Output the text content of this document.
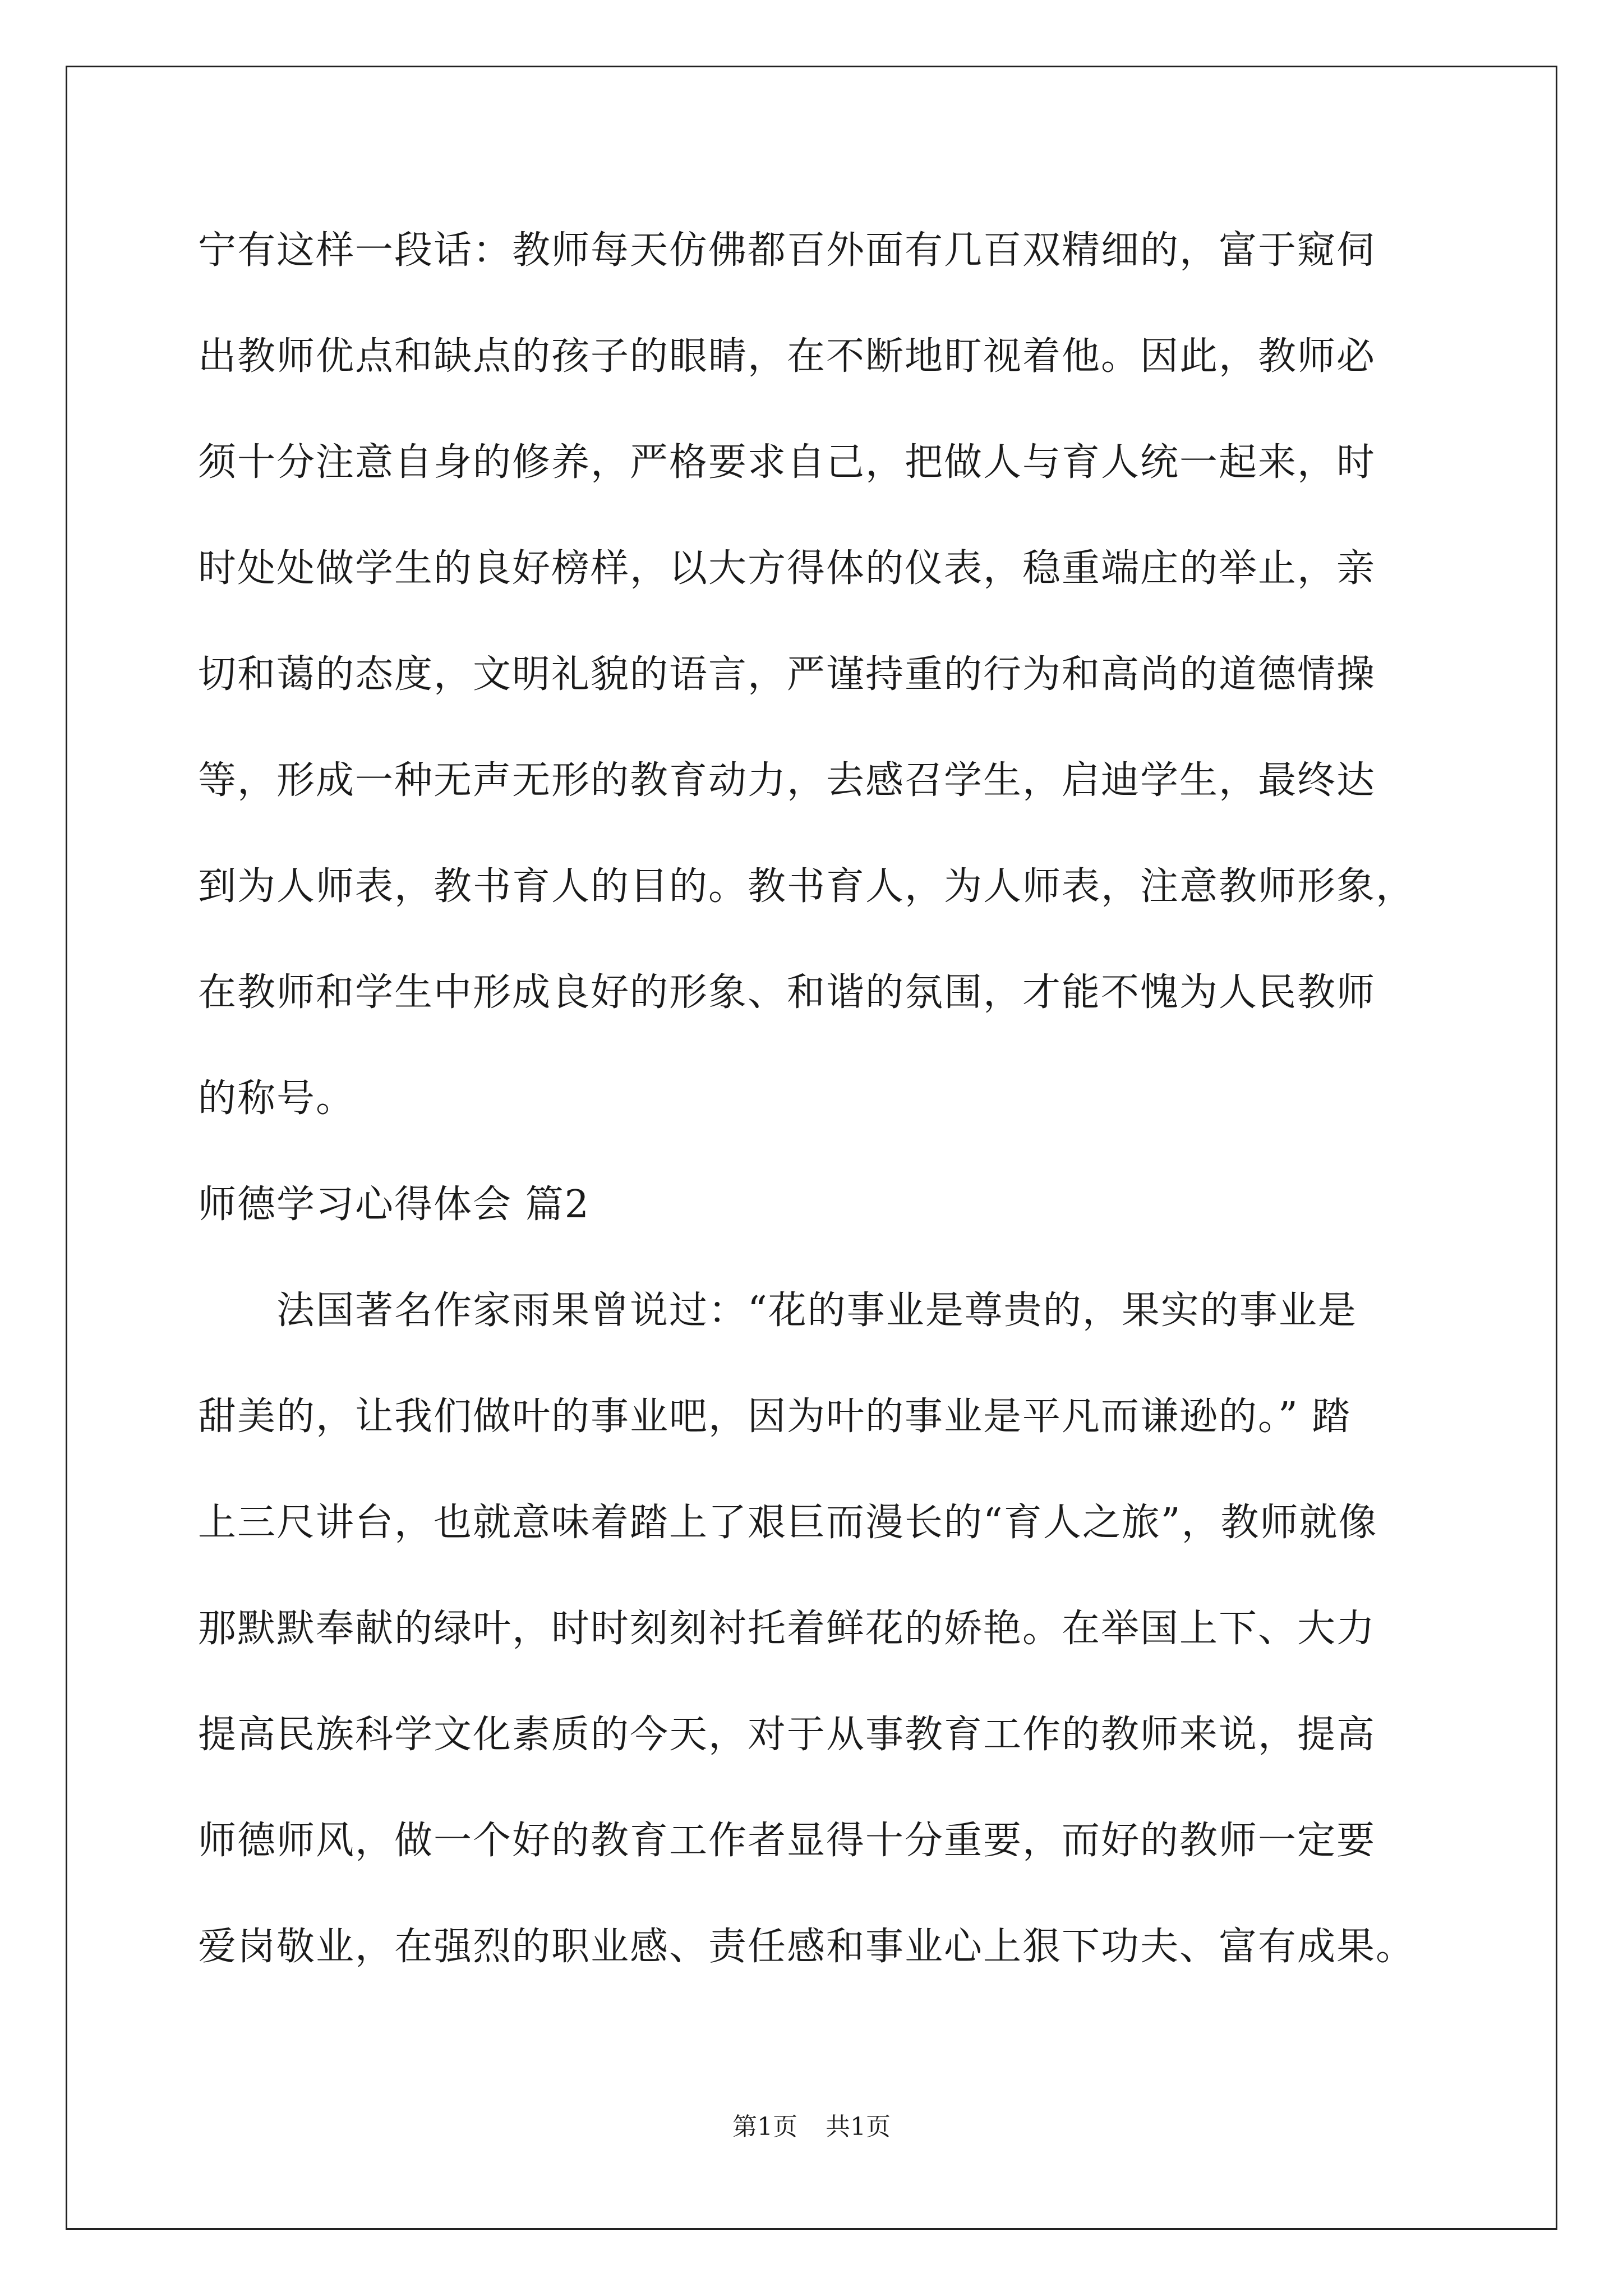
宁有这样一段话：教师每天仿佛都百外面有几百双精细的，富于窥伺
出教师优点和缺点的孩子的眼睛，在不断地盯视着他。因此，教师必
须十分注意自身的修养，严格要求自己，把做人与育人统一起来，时
时处处做学生的良好榜样，以大方得体的仪表，稳重端庄的举止，亲
切和蔼的态度，文明礼貌的语言，严谨持重的行为和高尚的道德情操
等，形成一种无声无形的教育动力，去感召学生，启迪学生，最终达
到为人师表，教书育人的目的。教书育人，为人师表，注意教师形象，
在教师和学生中形成良好的形象、和谐的氛围，才能不愧为人民教师
的称号。
师德学习心得体会 篇2
法国著名作家雨果曾说过：“花的事业是尊贵的，果实的事业是
甜美的，让我们做叶的事业吧，因为叶的事业是平凡而谦逊的。” 踏
上三尺讲台，也就意味着踏上了艰巨而漫长的“育人之旅”，教师就像
那默默奉献的绿叶，时时刻刻衬托着鲜花的娇艳。在举国上下、大力
提高民族科学文化素质的今天，对于从事教育工作的教师来说，提高
师德师风，做一个好的教育工作者显得十分重要，而好的教师一定要
爱岗敬业，在强烈的职业感、责任感和事业心上狠下功夫、富有成果。
第1页 共1页
